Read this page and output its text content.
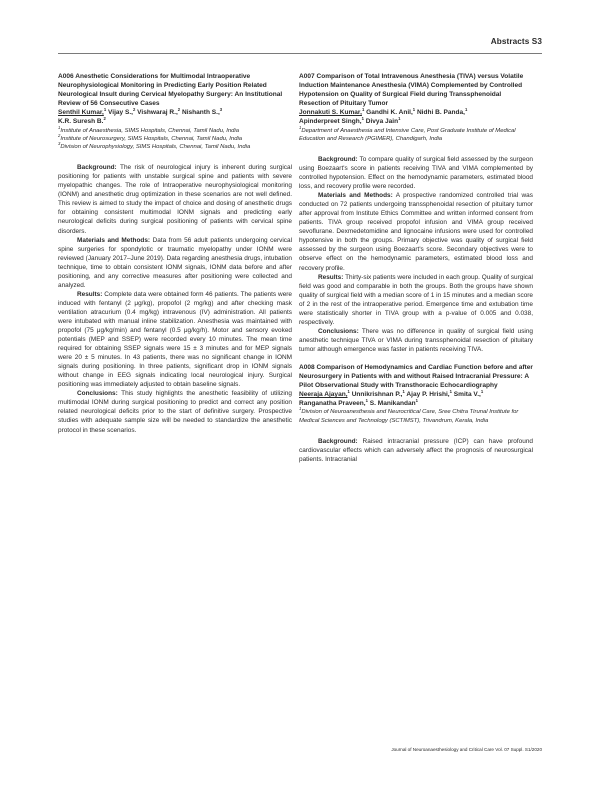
Abstracts S3
A006 Anesthetic Considerations for Multimodal Intraoperative Neurophysiological Monitoring in Predicting Early Position Related Neurological Insult during Cervical Myelopathy Surgery: An Institutional Review of 56 Consecutive Cases
Senthil Kumar,$^1$ Vijay S.,$^2$ Vishwaraj R.,$^2$ Nishanth S.,$^3$
K.R. Suresh B.$^2$
$^1$Institute of Anaesthesia, SIMS Hospitals, Chennai, Tamil Nadu, India
$^2$Institute of Neurosurgery, SIMS Hospitals, Chennai, Tamil Nadu, India
$^3$Division of Neurophysiology, SIMS Hospitals, Chennai, Tamil Nadu, India

Background: The risk of neurological injury is inherent during surgical positioning for patients with unstable surgical spine and patients with severe myelopathic changes. The role of Intraoperative neurophysiological monitoring (IONM) and anesthetic drug optimization in these scenarios are not well defined. This review is aimed to study the impact of choice and dosing of anesthetic drugs for obtaining consistent multimodal IONM signals and predicting early neurological deficits during surgical positioning of patients with cervical spine disorders.

Materials and Methods: Data from 56 adult patients undergoing cervical spine surgeries for spondylotic or traumatic myelopathy under IONM were reviewed (January 2017–June 2019). Data regarding anesthesia drugs, intubation technique, time to obtain consistent IONM signals, IONM data before and after positioning, and any corrective measures after positioning were collected and analyzed.

Results: Complete data were obtained form 46 patients. The patients were induced with fentanyl (2 μg/kg), propofol (2 mg/kg) and after checking mask ventilation atracurium (0.4 mg/kg) intravenous (IV) administration. All patients were intubated with manual inline stabilization. Anesthesia was maintained with propofol (75 μg/kg/min) and fentanyl (0.5 μg/kg/h). Motor and sensory evoked potentials (MEP and SSEP) were recorded every 10 minutes. The mean time required for obtaining SSEP signals were 15 ± 3 minutes and for MEP signals were 20 ± 5 minutes. In 43 patients, there was no significant change in IONM signals during positioning. In three patients, significant drop in IONM signals without change in EEG signals indicating local neurological injury. Surgical positioning was immediately adjusted to obtain baseline signals.

Conclusions: This study highlights the anesthetic feasibility of utilizing multimodal IONM during surgical positioning to predict and correct any position related neurological deficits prior to the start of definitive surgery. Prospective studies with adequate sample size will be needed to standardize the anesthetic protocol in these scenarios.

A007 Comparison of Total Intravenous Anesthesia (TIVA) versus Volatile Induction Maintenance Anesthesia (VIMA) Complemented by Controlled Hypotension on Quality of Surgical Field during Transsphenoidal Resection of Pituitary Tumor
Jonnakuti S. Kumar,$^1$ Gandhi K. Anil,$^1$ Nidhi B. Panda,$^1$
Apinderpreet Singh,$^1$ Divya Jain$^1$
$^1$Department of Anaesthesia and Intensive Care, Post Graduate Institute of Medical Education and Research (PGIMER), Chandigarh, India

Background: To compare quality of surgical field assessed by the surgeon using Boezaart's score in patients receiving TIVA and VIMA complemented by controlled hypotension. Effect on the hemodynamic parameters, estimated blood loss, and recovery profile were recorded.

Materials and Methods: A prospective randomized controlled trial was conducted on 72 patients undergoing transsphenoidal resection of pituitary tumor after approval from Institute Ethics Committee and written informed consent from patients. TIVA group received propofol infusion and VIMA group received sevoflurane. Dexmedetomidine and lignocaine infusions were used for controlled hypotensive in both the groups. Primary objective was quality of surgical field assessed by the surgeon using Boezaart's score. Secondary objectives were to observe effect on the hemodynamic parameters, estimated blood loss and recovery profile.

Results: Thirty-six patients were included in each group. Quality of surgical field was good and comparable in both the groups. Both the groups have shown quality of surgical field with a median score of 1 in 15 minutes and a median score of 2 in the rest of the intraoperative period. Emergence time and extubation time were statistically shorter in TIVA group with a p-value of 0.005 and 0.038, respectively.

Conclusions: There was no difference in quality of surgical field using anesthetic technique TIVA or VIMA during transsphenoidal resection of pituitary tumor although emergence was faster in patients receiving TIVA.

A008 Comparison of Hemodynamics and Cardiac Function before and after Neurosurgery in Patients with and without Raised Intracranial Pressure: A Pilot Observational Study with Transthoracic Echocardiography
Neeraja Ajayan,$^1$ Unnikrishnan P.,$^1$ Ajay P. Hrishi,$^1$ Smita V.,$^1$
Ranganatha Praveen,$^1$ S. Manikandan$^1$
$^1$Division of Neuroanesthesia and Neurocritical Care, Sree Chitra Tirunal Institute for Medical Sciences and Technology (SCTIMST), Trivandrum, Kerala, India

Background: Raised intracranial pressure (ICP) can have profound cardiovascular effects which can adversely affect the prognosis of neurosurgical patients. Intracranial

Journal of Neuroanaesthesiology and Critical Care Vol. 07 Suppl. S1/2020
